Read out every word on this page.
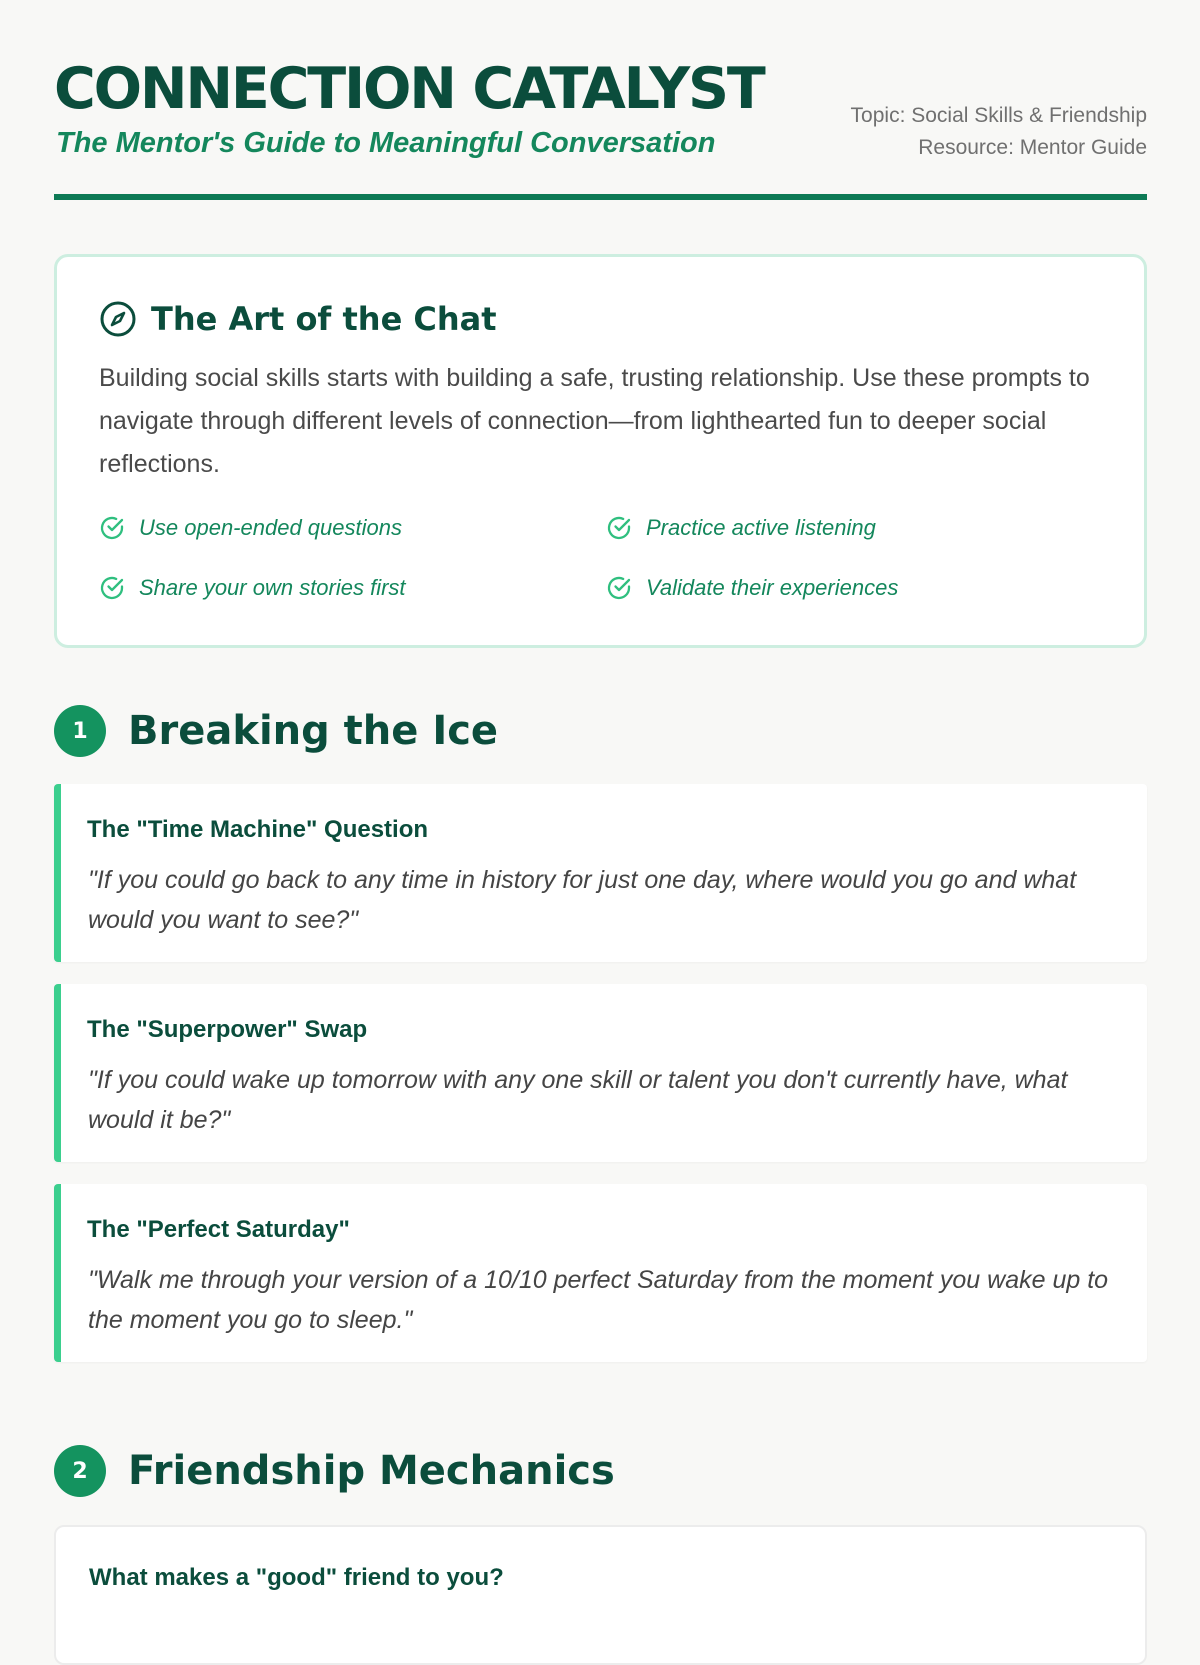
CONNECTION CATALYST
The Mentor's Guide to Meaningful Conversation
Topic: Social Skills & Friendship
Resource: Mentor Guide
The Art of the Chat

Building social skills starts with building a safe, trusting relationship. Use these prompts to navigate through different levels of connection—from lighthearted fun to deeper social reflections.

Use open-ended questions	Practice active listening
Share your own stories first	Validate their experiences
1	Breaking the Ice
The "Time Machine" Question

"If you could go back to any time in history for just one day, where would you go and what would you want to see?"

The "Superpower" Swap

"If you could wake up tomorrow with any one skill or talent you don't currently have, what would it be?"

The "Perfect Saturday"

"Walk me through your version of a 10/10 perfect Saturday from the moment you wake up to the moment you go to sleep."

2	Friendship Mechanics
What makes a "good" friend to you?
